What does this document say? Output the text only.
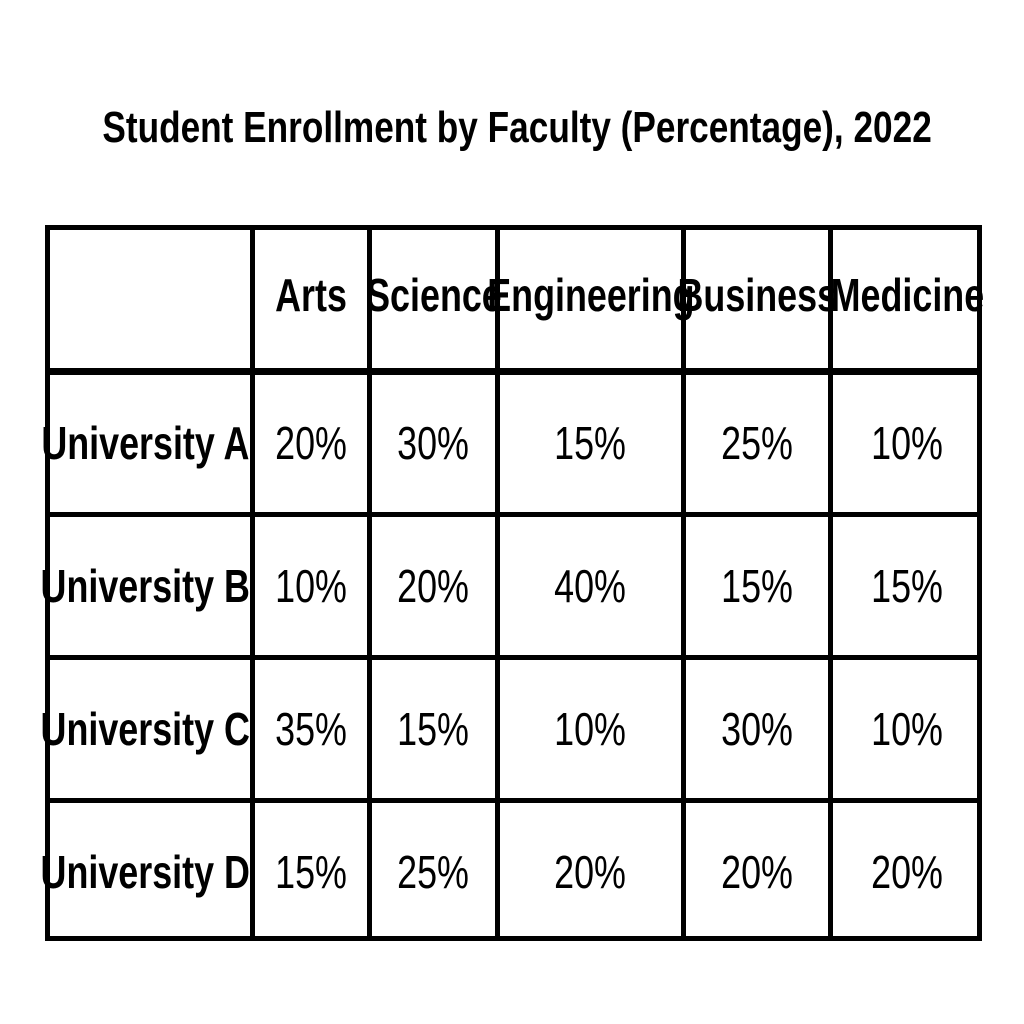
Student Enrollment by Faculty (Percentage), 2022
Arts Science
Engineering
Business
Medicine
University A 20% 30% 15% 25% 10%
University B 10% 20% 40% 15% 15%
University C 35% 15% 10% 30% 10%
University D 15% 25% 20% 20% 20%
